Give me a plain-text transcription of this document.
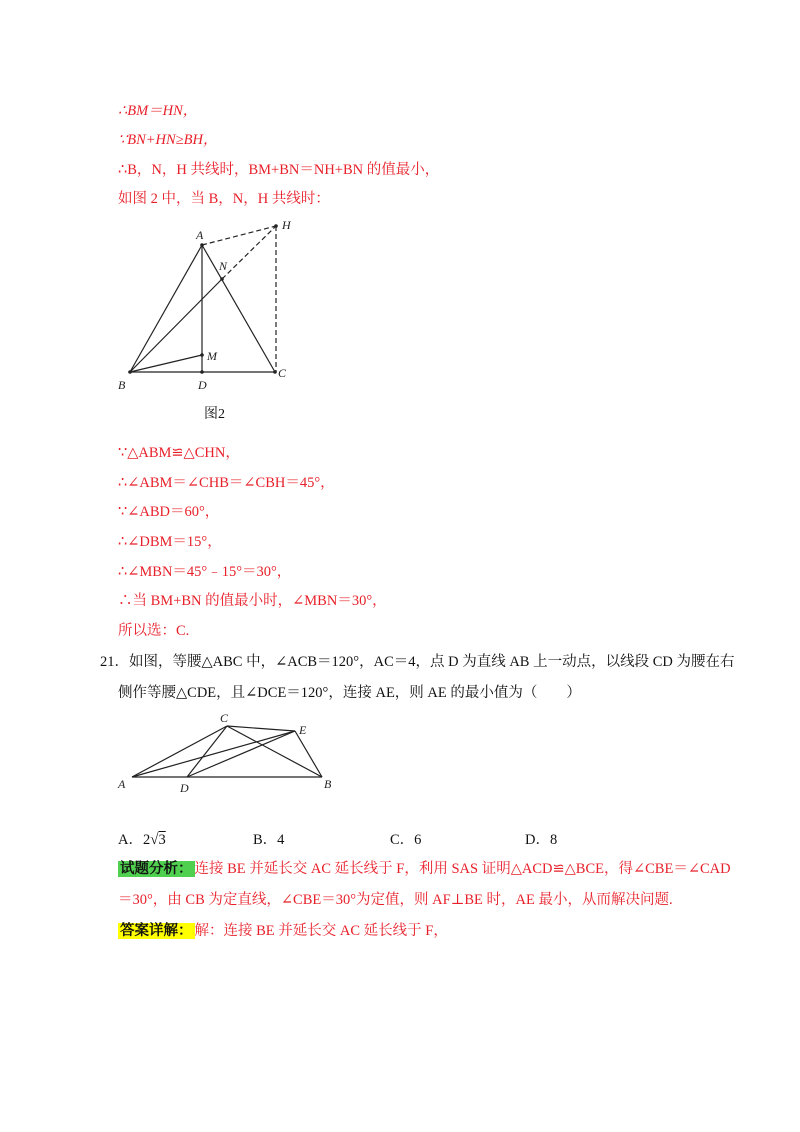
∴BM＝HN，
∵BN+HN≥BH，
∴B，N，H 共线时，BM+BN＝NH+BN 的值最小，
如图 2 中，当 B，N，H 共线时：
A
H
N
M
B	D
C
图2
∵△ABM≌△CHN，
∴∠ABM＝∠CHB＝∠CBH＝45°，
∵∠ABD＝60°，
∴∠DBM＝15°，
∴∠MBN＝45°﹣15°＝30°，
∴当 BM+BN 的值最小时，∠MBN＝30°，
所以选：C.
21．如图，等腰△ABC 中，∠ACB＝120°，AC＝4，点 D 为直线 AB 上一动点，以线段 CD 为腰在右
侧作等腰△CDE，且∠DCE＝120°，连接 AE，则 AE 的最小值为（　　）
C
E
A	D	B
A．2√3	B．4	C．6	D．8
试题分析： 连接 BE 并延长交 AC 延长线于 F，利用 SAS 证明△ACD≌△BCE，得∠CBE＝∠CAD
＝30°，由 CB 为定直线，∠CBE＝30°为定值，则 AF⊥BE 时，AE 最小，从而解决问题.
答案详解： 解：连接 BE 并延长交 AC 延长线于 F，
